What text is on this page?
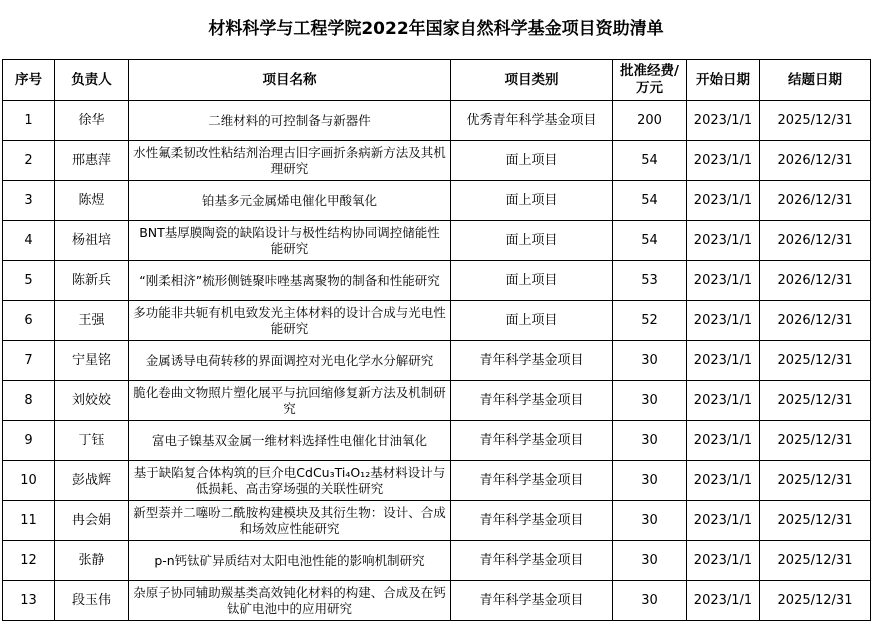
材料科学与工程学院2022年国家自然科学基金项目资助清单
序号	负责人	项目名称	项目类别	批准经费/万元	开始日期	结题日期
1	徐华	二维材料的可控制备与新器件	优秀青年科学基金项目	200	2023/1/1	2025/12/31
2	邢惠萍	水性氟柔韧改性粘结剂治理古旧字画折条病新方法及其机理研究	面上项目	54	2023/1/1	2026/12/31
3	陈煜	铂基多元金属烯电催化甲酸氧化	面上项目	54	2023/1/1	2026/12/31
4	杨祖培	BNT基厚膜陶瓷的缺陷设计与极性结构协同调控储能性能研究	面上项目	54	2023/1/1	2026/12/31
5	陈新兵	“刚柔相济”梳形侧链聚咔唑基离聚物的制备和性能研究	面上项目	53	2023/1/1	2026/12/31
6	王强	多功能非共轭有机电致发光主体材料的设计合成与光电性能研究	面上项目	52	2023/1/1	2026/12/31
7	宁星铭	金属诱导电荷转移的界面调控对光电化学水分解研究	青年科学基金项目	30	2023/1/1	2025/12/31
8	刘姣姣	脆化卷曲文物照片塑化展平与抗回缩修复新方法及机制研究	青年科学基金项目	30	2023/1/1	2025/12/31
9	丁钰	富电子镍基双金属一维材料选择性电催化甘油氧化	青年科学基金项目	30	2023/1/1	2025/12/31
10	彭战辉	基于缺陷复合体构筑的巨介电CdCu₃Ti₄O₁₂基材料设计与低损耗、高击穿场强的关联性研究	青年科学基金项目	30	2023/1/1	2025/12/31
11	冉会娟	新型萘并二噻吩二酰胺构建模块及其衍生物：设计、合成和场效应性能研究	青年科学基金项目	30	2023/1/1	2025/12/31
12	张静	p-n钙钛矿异质结对太阳电池性能的影响机制研究	青年科学基金项目	30	2023/1/1	2025/12/31
13	段玉伟	杂原子协同辅助羰基类高效钝化材料的构建、合成及在钙钛矿电池中的应用研究	青年科学基金项目	30	2023/1/1	2025/12/31
